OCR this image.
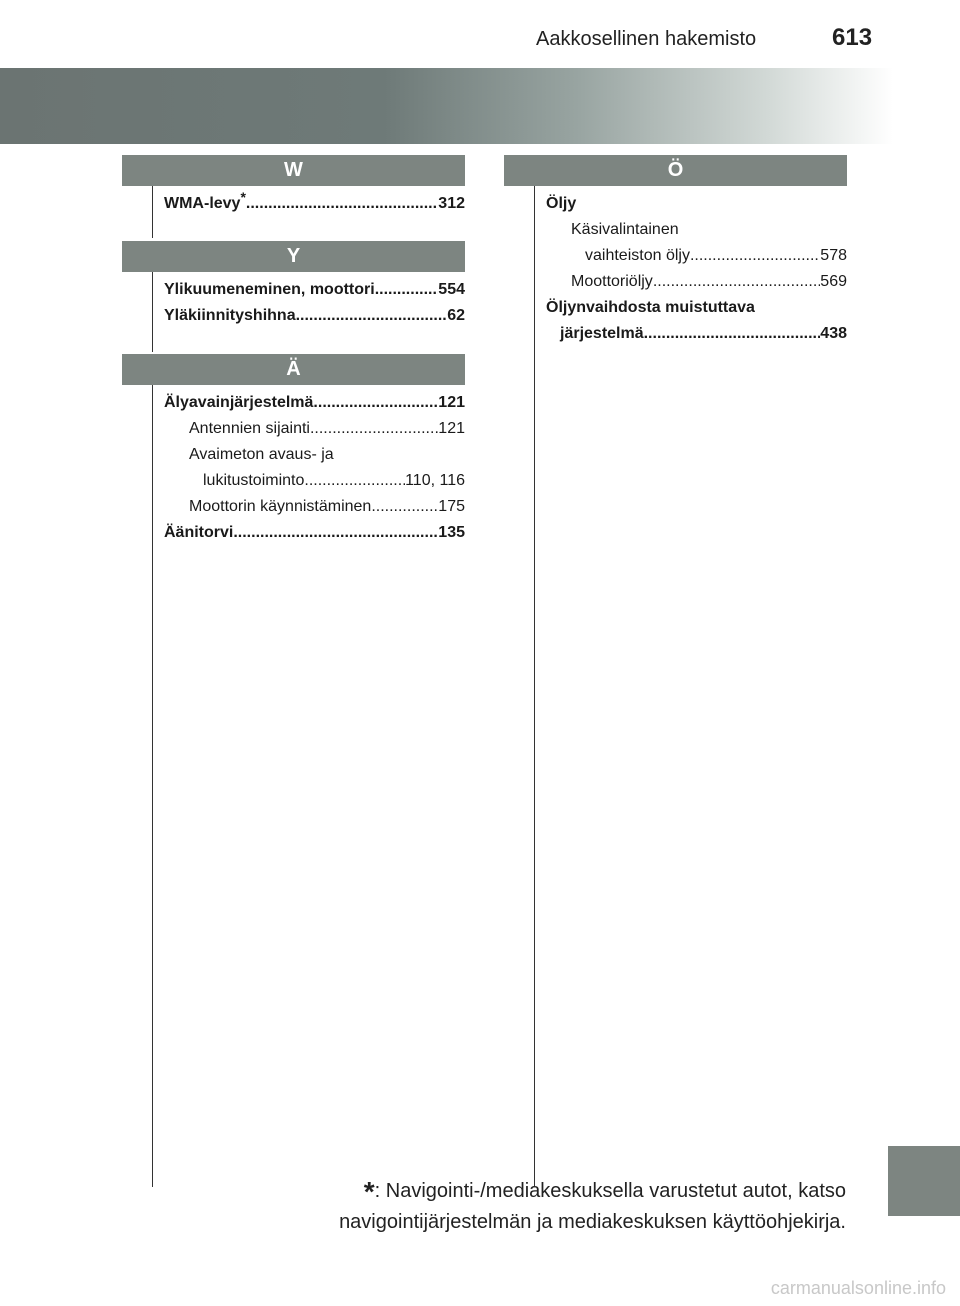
Aakkosellinen hakemisto	613
W
WMA-levy* .....	312
Y
Ylikuumeneminen, moottori .....	554
Yläkiinnityshihna .....	62
Ä
Älyavainjärjestelmä .....	121
Antennien sijainti .....	121
Avaimeton avaus- ja
lukitustoiminto .....	110, 116
Moottorin käynnistäminen .....	175
Äänitorvi .....	135
Ö
Öljy
Käsivalintainen
vaihteiston öljy .....	578
Moottoriöljy .....	569
Öljynvaihdosta muistuttava
järjestelmä .....	438
*: Navigointi-/mediakeskuksella varustetut autot, katso
navigointijärjestelmän ja mediakeskuksen käyttöohjekirja.
carmanualsonline.info
